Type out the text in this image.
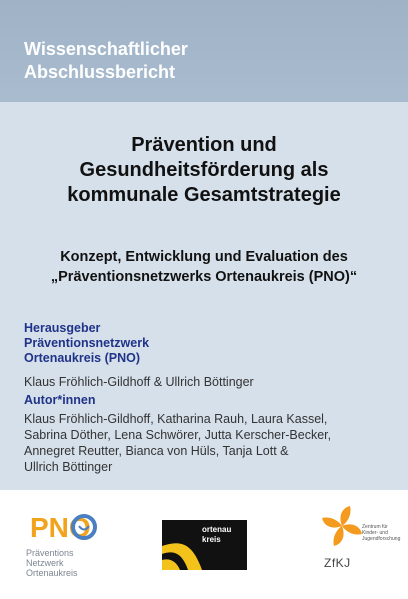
Wissenschaftlicher
Abschlussbericht
Prävention und
Gesundheitsförderung als
kommunale Gesamtstrategie
Konzept, Entwicklung und Evaluation des
„Präventionsnetzwerks Ortenaukreis (PNO)“
Herausgeber
Präventionsnetzwerk
Ortenaukreis (PNO)
Klaus Fröhlich-Gildhoff & Ullrich Böttinger
Autor*innen
Klaus Fröhlich-Gildhoff, Katharina Rauh, Laura Kassel,
Sabrina Döther, Lena Schwörer, Jutta Kerscher-Becker,
Annegret Reutter, Bianca von Hüls, Tanja Lott &
Ullrich Böttinger
PNO
Präventions
Netzwerk
Ortenaukreis
ortenau
kreis
Zentrum für
Kinder- und
Jugendforschung
ZfKJ
